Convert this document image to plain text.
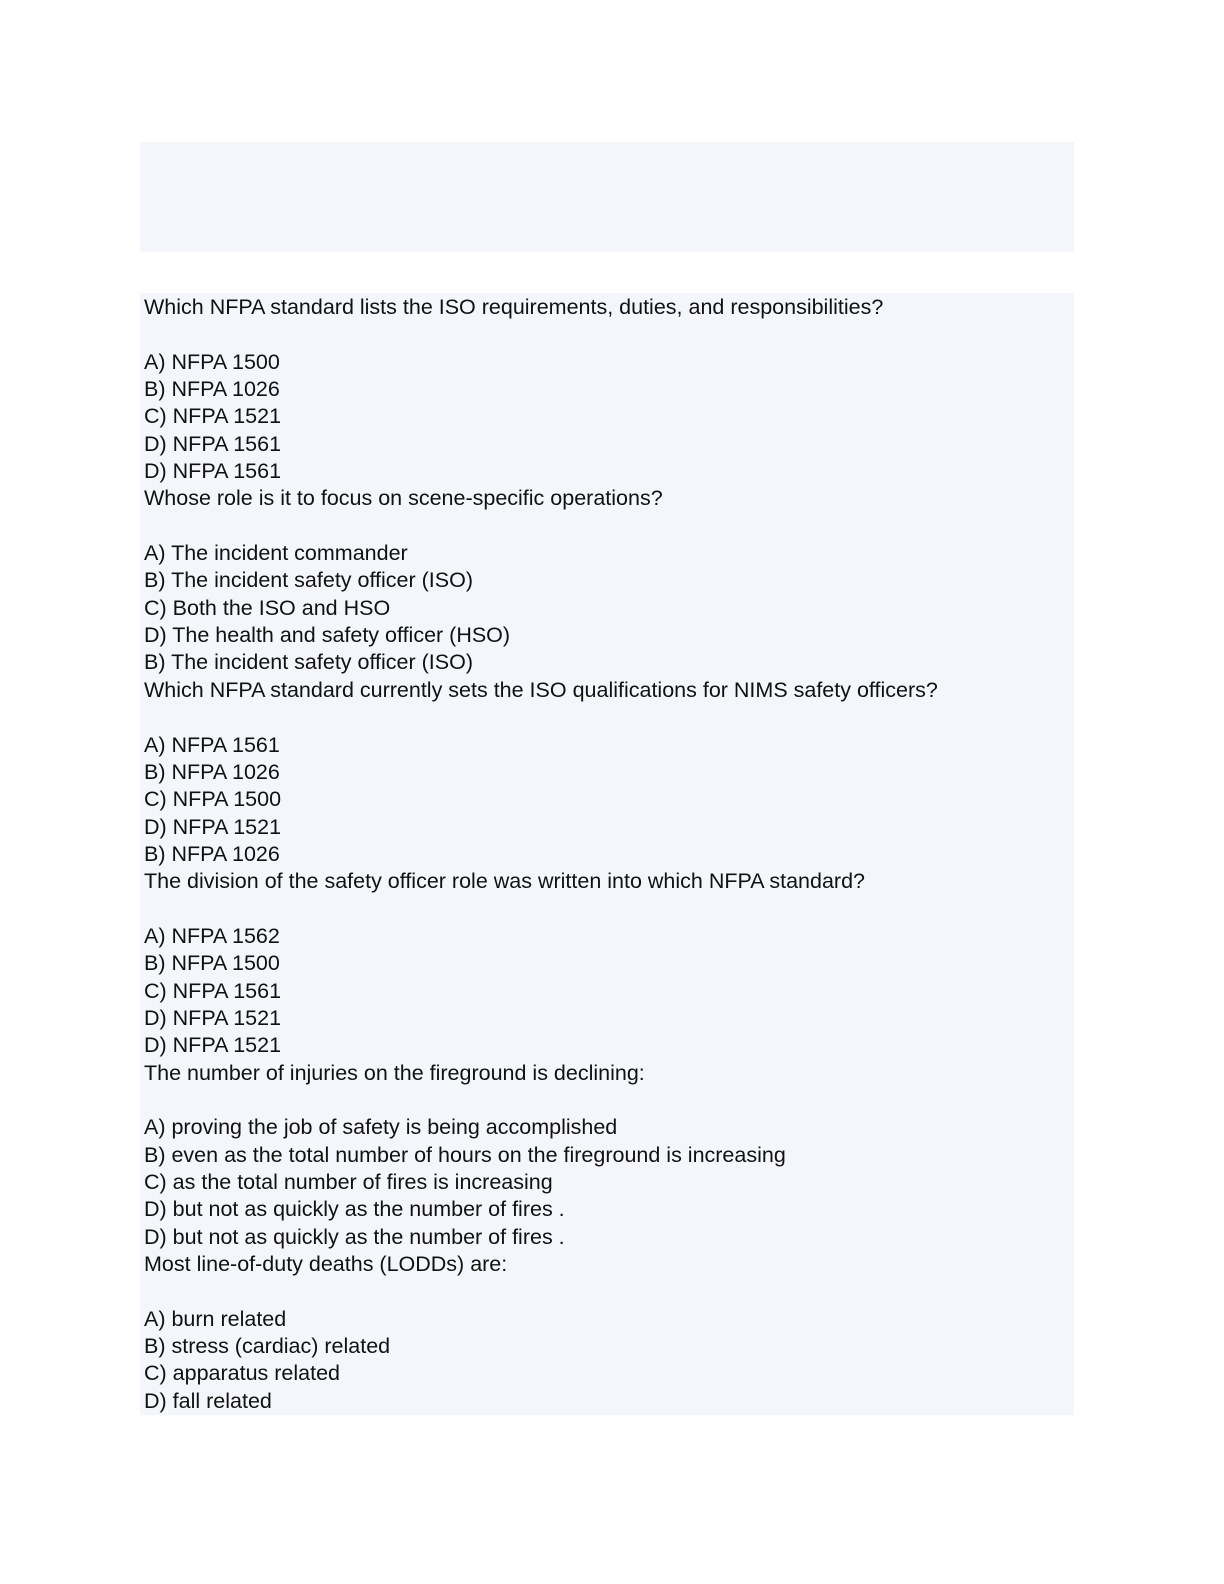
Which NFPA standard lists the ISO requirements, duties, and responsibilities?
A) NFPA 1500
B) NFPA 1026
C) NFPA 1521
D) NFPA 1561
D) NFPA 1561
Whose role is it to focus on scene-specific operations?
A) The incident commander
B) The incident safety officer (ISO)
C) Both the ISO and HSO
D) The health and safety officer (HSO)
B) The incident safety officer (ISO)
Which NFPA standard currently sets the ISO qualifications for NIMS safety officers?
A) NFPA 1561
B) NFPA 1026
C) NFPA 1500
D) NFPA 1521
B) NFPA 1026
The division of the safety officer role was written into which NFPA standard?
A) NFPA 1562
B) NFPA 1500
C) NFPA 1561
D) NFPA 1521
D) NFPA 1521
The number of injuries on the fireground is declining:
A) proving the job of safety is being accomplished
B) even as the total number of hours on the fireground is increasing
C) as the total number of fires is increasing
D) but not as quickly as the number of fires .
D) but not as quickly as the number of fires .
Most line-of-duty deaths (LODDs) are:
A) burn related
B) stress (cardiac) related
C) apparatus related
D) fall related
